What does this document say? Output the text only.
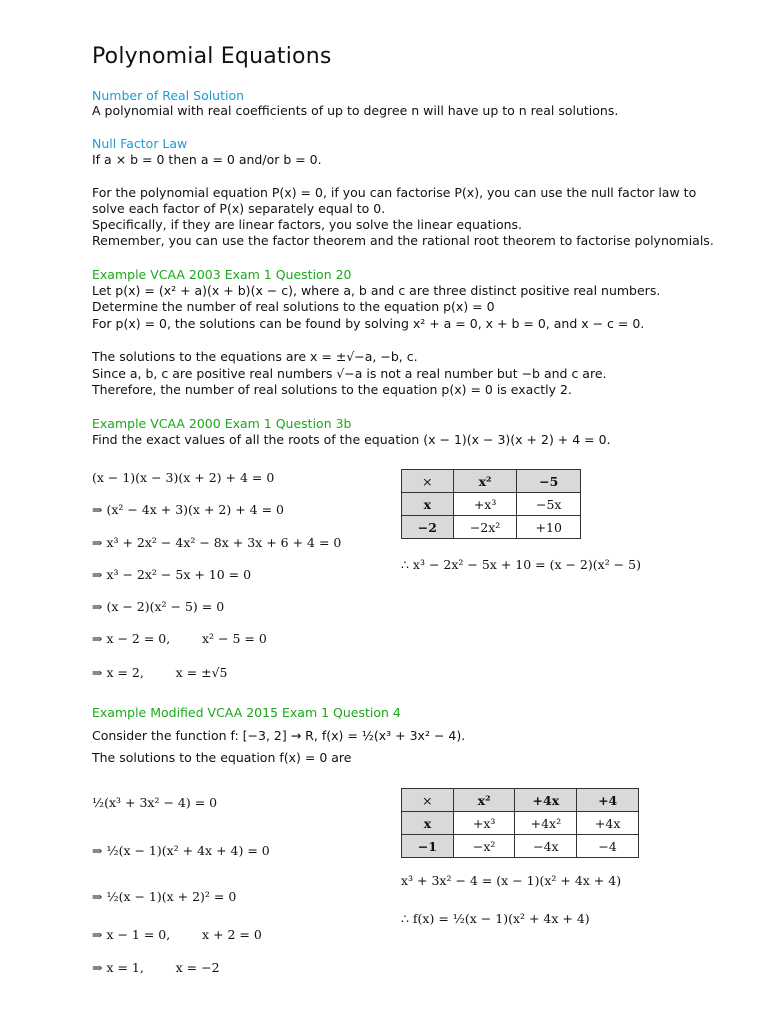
Polynomial Equations
Number of Real Solution
A polynomial with real coefficients of up to degree n will have up to n real solutions.
Null Factor Law
If a × b = 0 then a = 0 and/or b = 0.
For the polynomial equation P(x) = 0, if you can factorise P(x), you can use the null factor law to
solve each factor of P(x) separately equal to 0.
Specifically, if they are linear factors, you solve the linear equations.
Remember, you can use the factor theorem and the rational root theorem to factorise polynomials.
Example VCAA 2003 Exam 1 Question 20
Let p(x) = (x² + a)(x + b)(x − c), where a, b and c are three distinct positive real numbers.
Determine the number of real solutions to the equation p(x) = 0
For p(x) = 0, the solutions can be found by solving x² + a = 0, x + b = 0, and x − c = 0.
The solutions to the equations are x = ±√−a, −b, c.
Since a, b, c are positive real numbers √−a is not a real number but −b and c are.
Therefore, the number of real solutions to the equation p(x) = 0 is exactly 2.
Example VCAA 2000 Exam 1 Question 3b
Find the exact values of all the roots of the equation (x − 1)(x − 3)(x + 2) + 4 = 0.
(x − 1)(x − 3)(x + 2) + 4 = 0
⇒ (x² − 4x + 3)(x + 2) + 4 = 0
⇒ x³ + 2x² − 4x² − 8x + 3x + 6 + 4 = 0
⇒ x³ − 2x² − 5x + 10 = 0
⇒ (x − 2)(x² − 5) = 0
⇒ x − 2 = 0,        x² − 5 = 0
⇒ x = 2,        x = ±√5
×	x²	−5
x	+x³	−5x
−2	−2x²	+10
∴ x³ − 2x² − 5x + 10 = (x − 2)(x² − 5)
Example Modified VCAA 2015 Exam 1 Question 4
Consider the function f: [−3, 2] → R, f(x) = ½(x³ + 3x² − 4).
The solutions to the equation f(x) = 0 are
½(x³ + 3x² − 4) = 0
⇒ ½(x − 1)(x² + 4x + 4) = 0
⇒ ½(x − 1)(x + 2)² = 0
⇒ x − 1 = 0,        x + 2 = 0
⇒ x = 1,        x = −2
×	x²	+4x	+4
x	+x³	+4x²	+4x
−1	−x²	−4x	−4
x³ + 3x² − 4 = (x − 1)(x² + 4x + 4)
∴ f(x) = ½(x − 1)(x² + 4x + 4)
